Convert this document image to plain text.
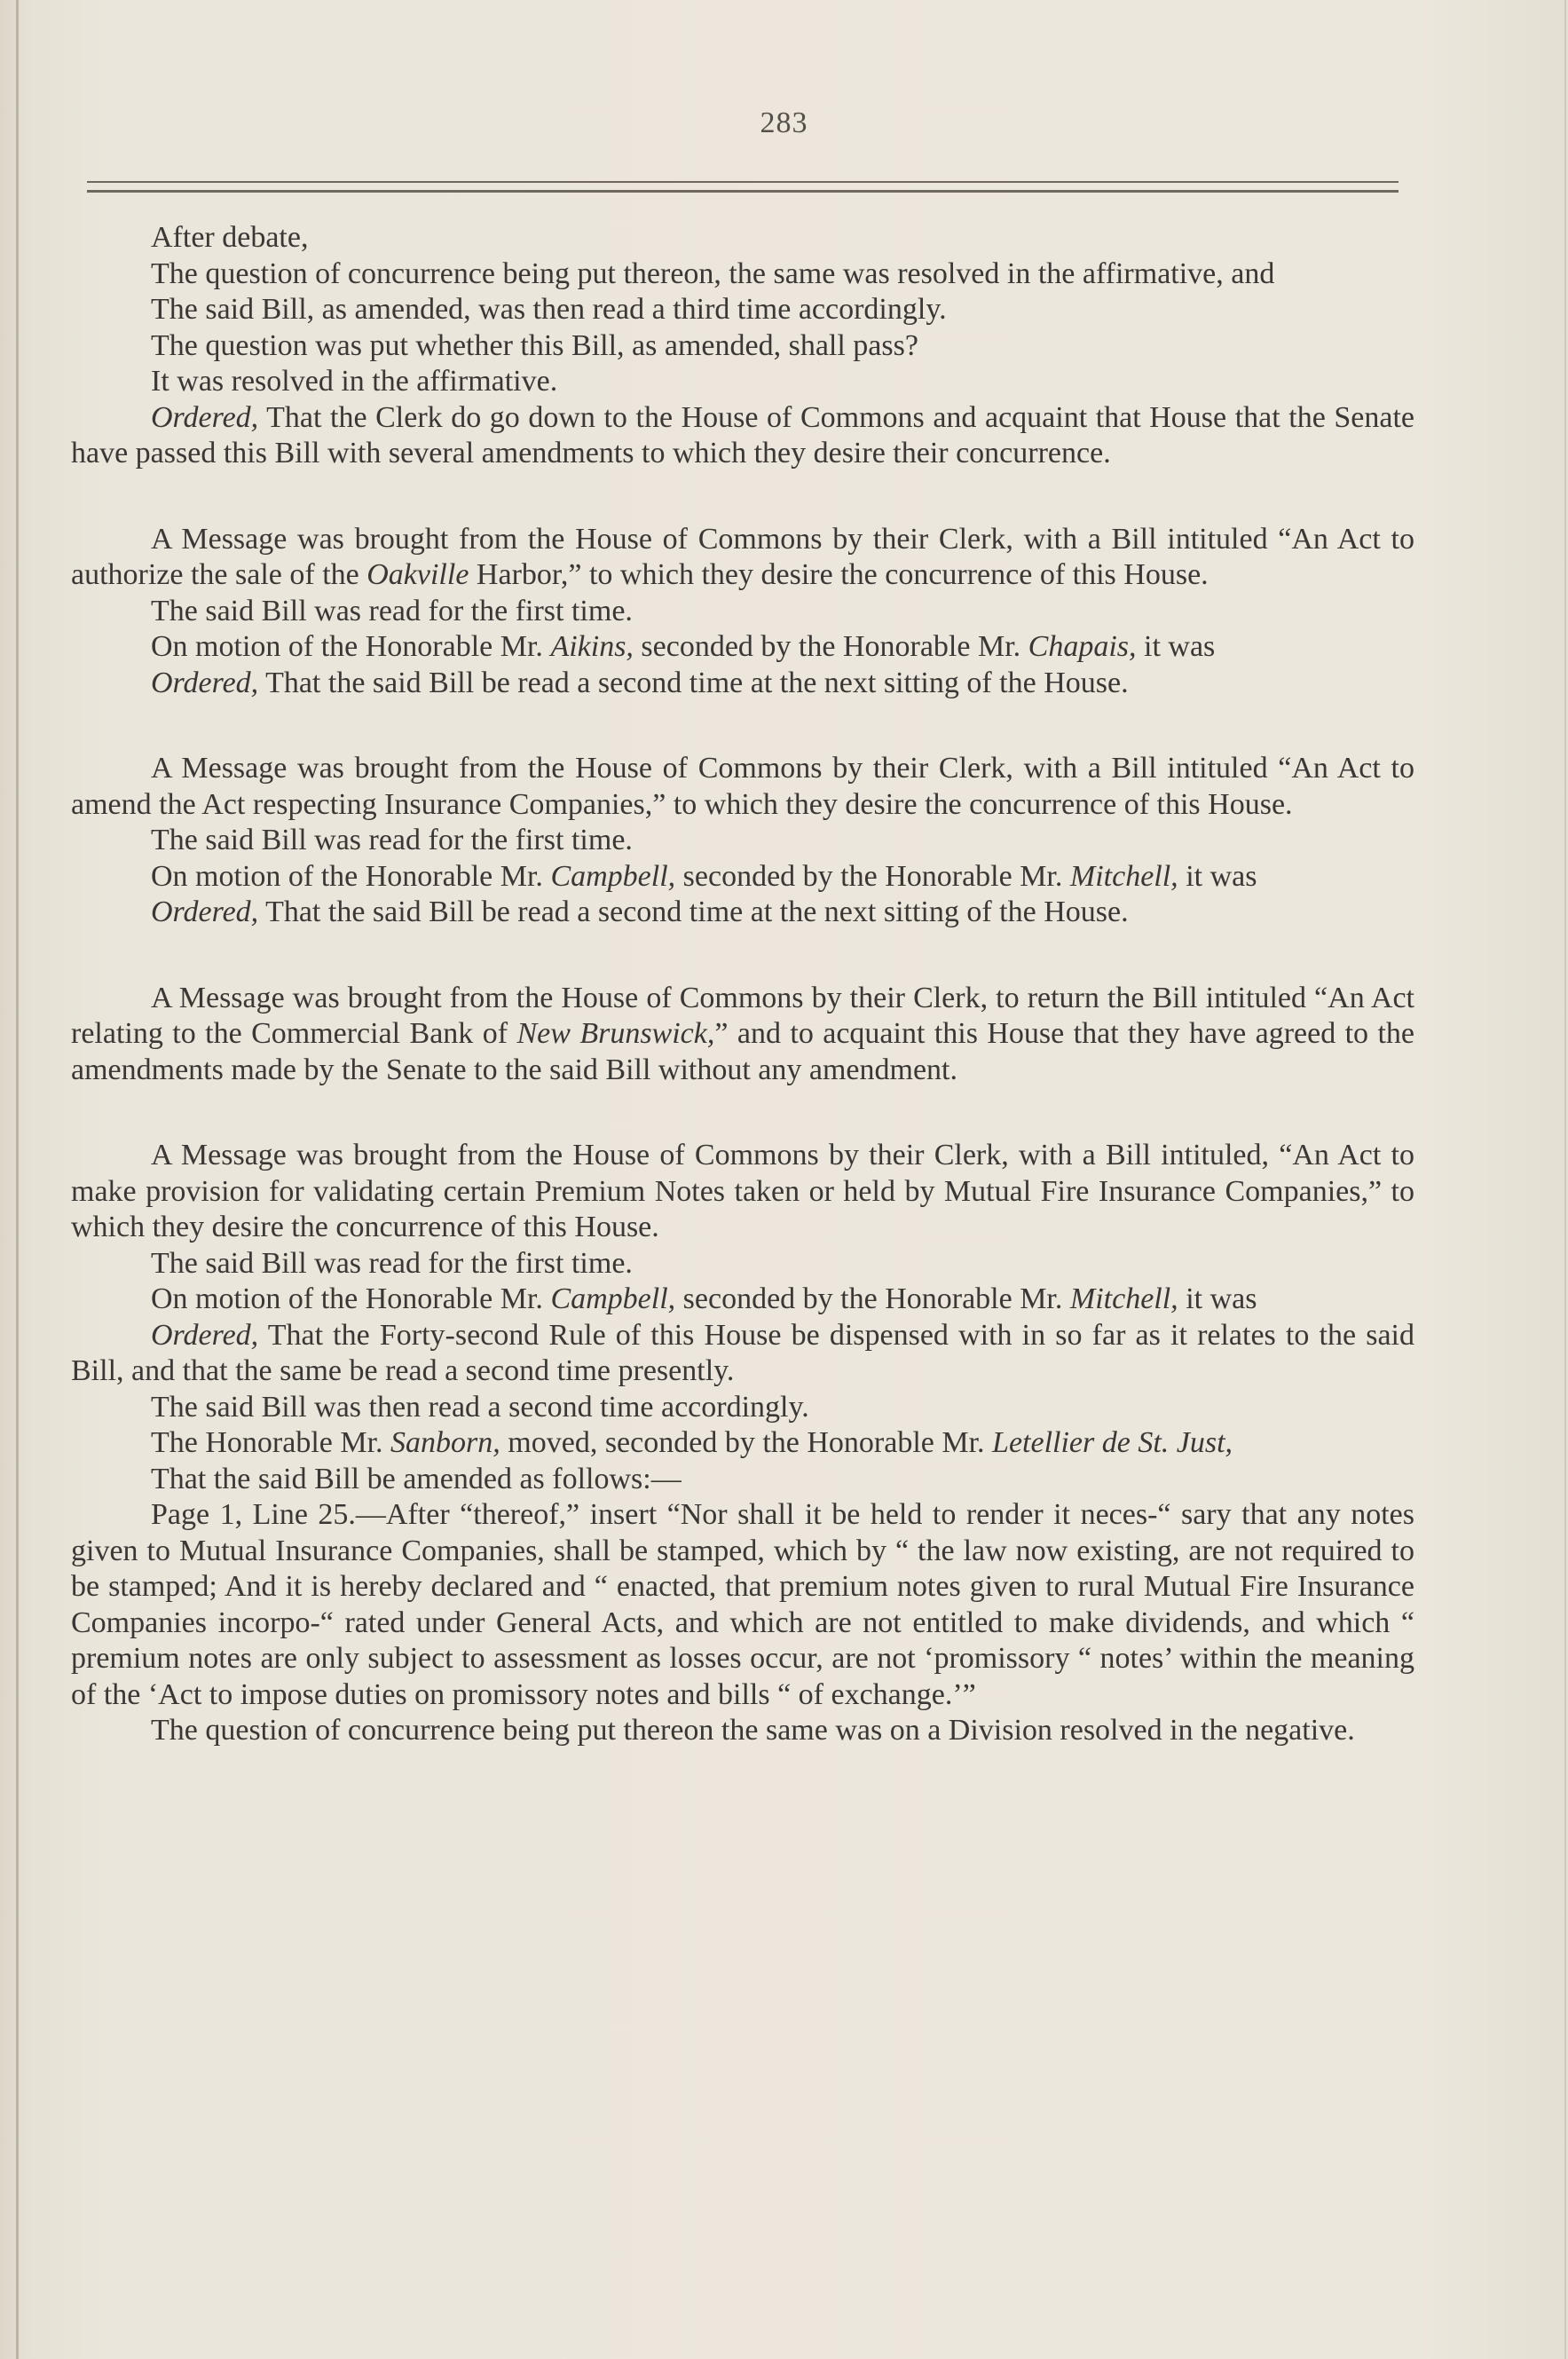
283

After debate,

The question of concurrence being put thereon, the same was resolved in the affirmative, and

The said Bill, as amended, was then read a third time accordingly.

The question was put whether this Bill, as amended, shall pass?

It was resolved in the affirmative.

Ordered, That the Clerk do go down to the House of Commons and acquaint that House that the Senate have passed this Bill with several amendments to which they desire their concurrence.

A Message was brought from the House of Commons by their Clerk, with a Bill intituled “An Act to authorize the sale of the Oakville Harbor,” to which they desire the concurrence of this House.

The said Bill was read for the first time.

On motion of the Honorable Mr. Aikins, seconded by the Honorable Mr. Chapais, it was

Ordered, That the said Bill be read a second time at the next sitting of the House.

A Message was brought from the House of Commons by their Clerk, with a Bill intituled “An Act to amend the Act respecting Insurance Companies,” to which they desire the concurrence of this House.

The said Bill was read for the first time.

On motion of the Honorable Mr. Campbell, seconded by the Honorable Mr. Mitchell, it was

Ordered, That the said Bill be read a second time at the next sitting of the House.

A Message was brought from the House of Commons by their Clerk, to return the Bill intituled “An Act relating to the Commercial Bank of New Brunswick,” and to acquaint this House that they have agreed to the amendments made by the Senate to the said Bill without any amendment.

A Message was brought from the House of Commons by their Clerk, with a Bill intituled, “An Act to make provision for validating certain Premium Notes taken or held by Mutual Fire Insurance Companies,” to which they desire the concurrence of this House.

The said Bill was read for the first time.

On motion of the Honorable Mr. Campbell, seconded by the Honorable Mr. Mitchell, it was

Ordered, That the Forty-second Rule of this House be dispensed with in so far as it relates to the said Bill, and that the same be read a second time presently.

The said Bill was then read a second time accordingly.

The Honorable Mr. Sanborn, moved, seconded by the Honorable Mr. Letellier de St. Just,

That the said Bill be amended as follows:—

Page 1, Line 25.—After “thereof,” insert “Nor shall it be held to render it neces-“ sary that any notes given to Mutual Insurance Companies, shall be stamped, which by “ the law now existing, are not required to be stamped; And it is hereby declared and “ enacted, that premium notes given to rural Mutual Fire Insurance Companies incorpo-“ rated under General Acts, and which are not entitled to make dividends, and which “ premium notes are only subject to assessment as losses occur, are not ‘promissory “ notes’ within the meaning of the ‘Act to impose duties on promissory notes and bills “ of exchange.’”

The question of concurrence being put thereon the same was on a Division resolved in the negative.
